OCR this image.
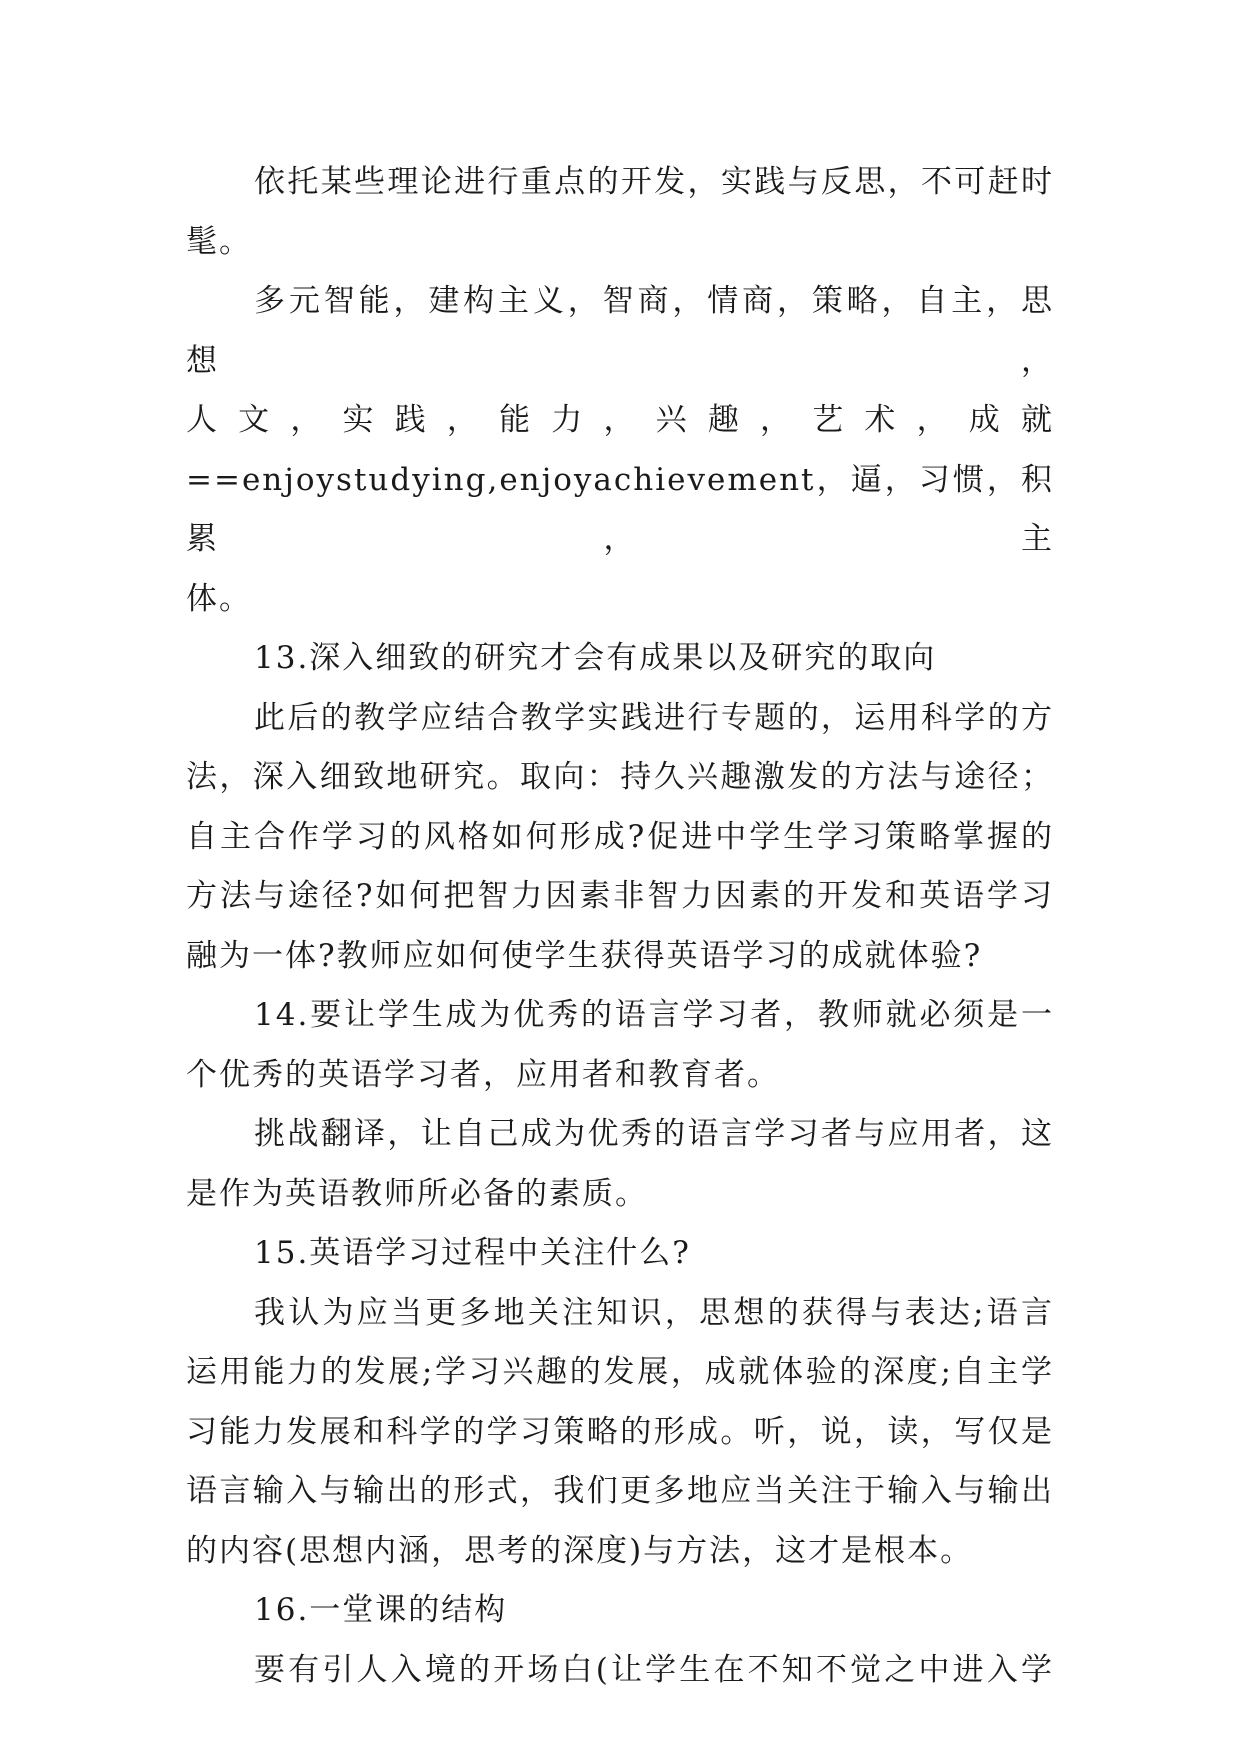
依托某些理论进行重点的开发，实践与反思，不可赶时
髦。
多元智能，建构主义，智商，情商，策略，自主，思想，
人文，实践，能力，兴趣，艺术，成就
==enjoystudying,enjoyachievement，逼，习惯，积累，主
体。
13.深入细致的研究才会有成果以及研究的取向
此后的教学应结合教学实践进行专题的，运用科学的方
法，深入细致地研究。取向：持久兴趣激发的方法与途径；
自主合作学习的风格如何形成?促进中学生学习策略掌握的
方法与途径?如何把智力因素非智力因素的开发和英语学习
融为一体?教师应如何使学生获得英语学习的成就体验?
14.要让学生成为优秀的语言学习者，教师就必须是一
个优秀的英语学习者，应用者和教育者。
挑战翻译，让自己成为优秀的语言学习者与应用者，这
是作为英语教师所必备的素质。
15.英语学习过程中关注什么?
我认为应当更多地关注知识，思想的获得与表达;语言
运用能力的发展;学习兴趣的发展，成就体验的深度;自主学
习能力发展和科学的学习策略的形成。听，说，读，写仅是
语言输入与输出的形式，我们更多地应当关注于输入与输出
的内容(思想内涵，思考的深度)与方法，这才是根本。
16.一堂课的结构
要有引人入境的开场白(让学生在不知不觉之中进入学
